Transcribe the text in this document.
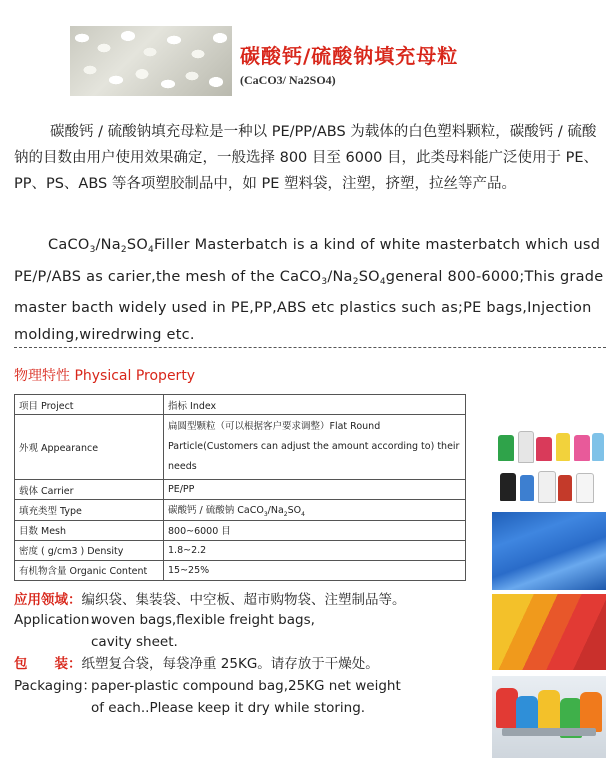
碳酸钙/硫酸钠填充母粒
(CaCO3/ Na2SO4)
碳酸钙 / 硫酸钠填充母粒是一种以 PE/PP/ABS 为载体的白色塑料颗粒，碳酸钙 / 硫酸钠的目数由用户使用效果确定，一般选择 800 目至 6000 目，此类母料能广泛使用于 PE、PP、PS、ABS 等各项塑胶制品中，如 PE 塑料袋，注塑，挤塑，拉丝等产品。
$CaCO_3/Na_2SO_4Filler$ Masterbatch is a kind of white masterbatch which usd PE/P/ABS as carier,the mesh of the $CaCO_3/Na_2SO_4general$ 800-6000;This grade master bacth widely used in PE,PP,ABS etc plastics such as;PE bags,Injection molding,wiredrwing etc.
物理特性 Physical Property
项目 Project	指标 Index
外观 Appearance	扁圆型颗粒（可以根据客户要求调整）Flat Round Particle(Customers can adjust the amount according to) their needs
载体 Carrier	PE/PP
填充类型 Type	碳酸钙 / 硫酸钠 $CaCO_3/Na_2SO_4$
目数 Mesh	800~6000 目
密度 ( g/cm3 ) Density	1.8~2.2
有机物含量 Organic Content	15~25%
应用领域：编织袋、集装袋、中空板、超市购物袋、注塑制品等。
Application：
woven bags,flexible freight bags,
cavity sheet.
包　　装：纸塑复合袋，每袋净重 25KG。请存放于干燥处。
Packaging：
paper-plastic compound bag,25KG net weight
of each..Please keep it dry while storing.
